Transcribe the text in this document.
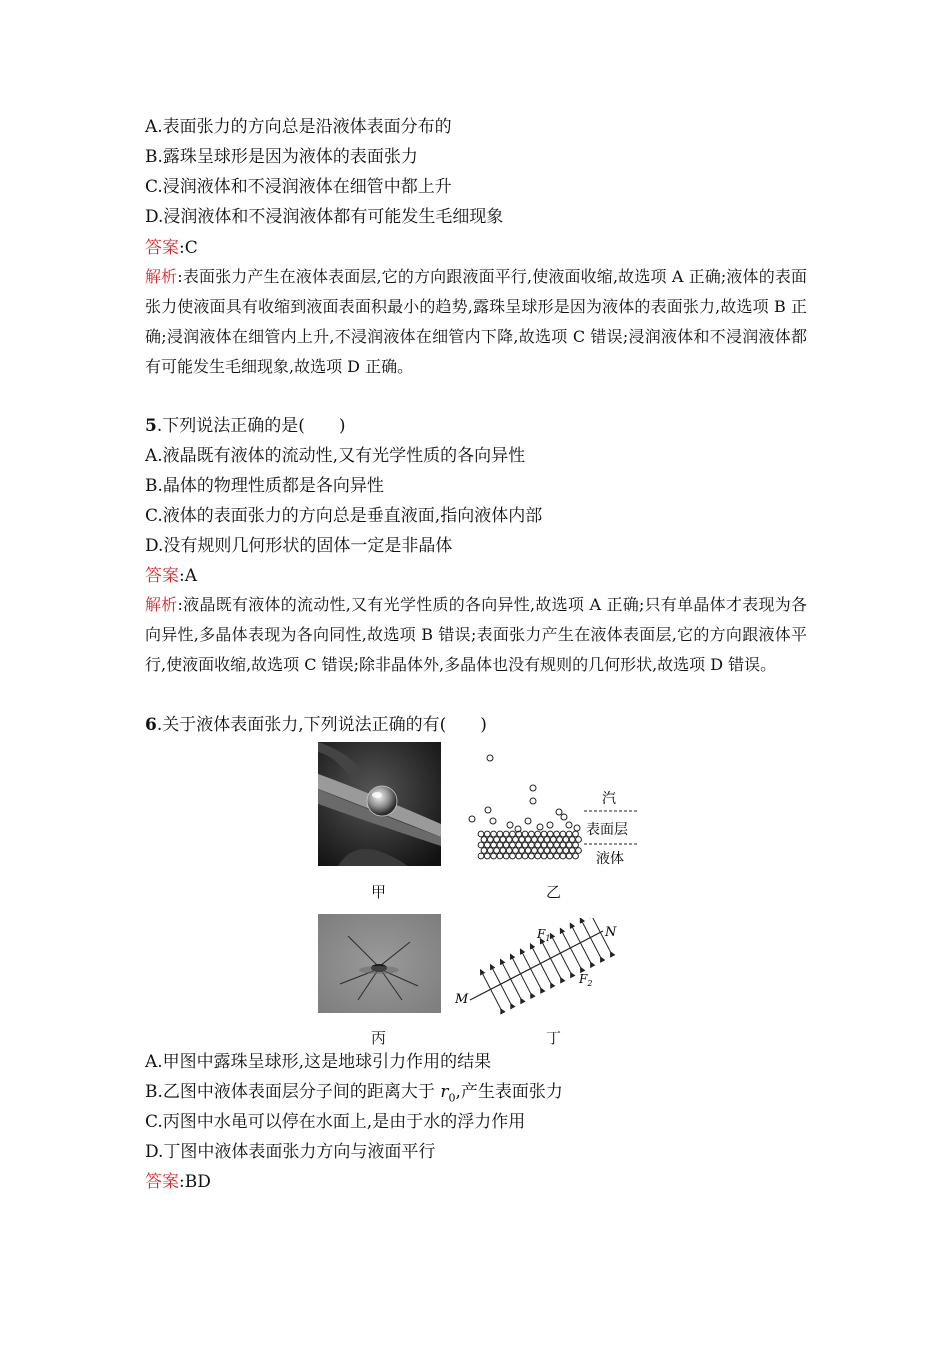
A.表面张力的方向总是沿液体表面分布的
B.露珠呈球形是因为液体的表面张力
C.浸润液体和不浸润液体在细管中都上升
D.浸润液体和不浸润液体都有可能发生毛细现象
答案:C
解析:表面张力产生在液体表面层,它的方向跟液面平行,使液面收缩,故选项 A 正确;液体的表面张力使液面具有收缩到液面表面积最小的趋势,露珠呈球形是因为液体的表面张力,故选项 B 正确;浸润液体在细管内上升,不浸润液体在细管内下降,故选项 C 错误;浸润液体和不浸润液体都有可能发生毛细现象,故选项 D 正确。
5.下列说法正确的是(　　)
A.液晶既有液体的流动性,又有光学性质的各向异性
B.晶体的物理性质都是各向异性
C.液体的表面张力的方向总是垂直液面,指向液体内部
D.没有规则几何形状的固体一定是非晶体
答案:A
解析:液晶既有液体的流动性,又有光学性质的各向异性,故选项 A 正确;只有单晶体才表现为各向异性,多晶体表现为各向同性,故选项 B 错误;表面张力产生在液体表面层,它的方向跟液体平行,使液面收缩,故选项 C 错误;除非晶体外,多晶体也没有规则的几何形状,故选项 D 错误。
6.关于液体表面张力,下列说法正确的有(　　)
甲
汽
表面层
液体
乙
丙
M
N
$F_1$
$F_2$
丁
A.甲图中露珠呈球形,这是地球引力作用的结果
B.乙图中液体表面层分子间的距离大于 $r_0$,产生表面张力
C.丙图中水黾可以停在水面上,是由于水的浮力作用
D.丁图中液体表面张力方向与液面平行
答案:BD
